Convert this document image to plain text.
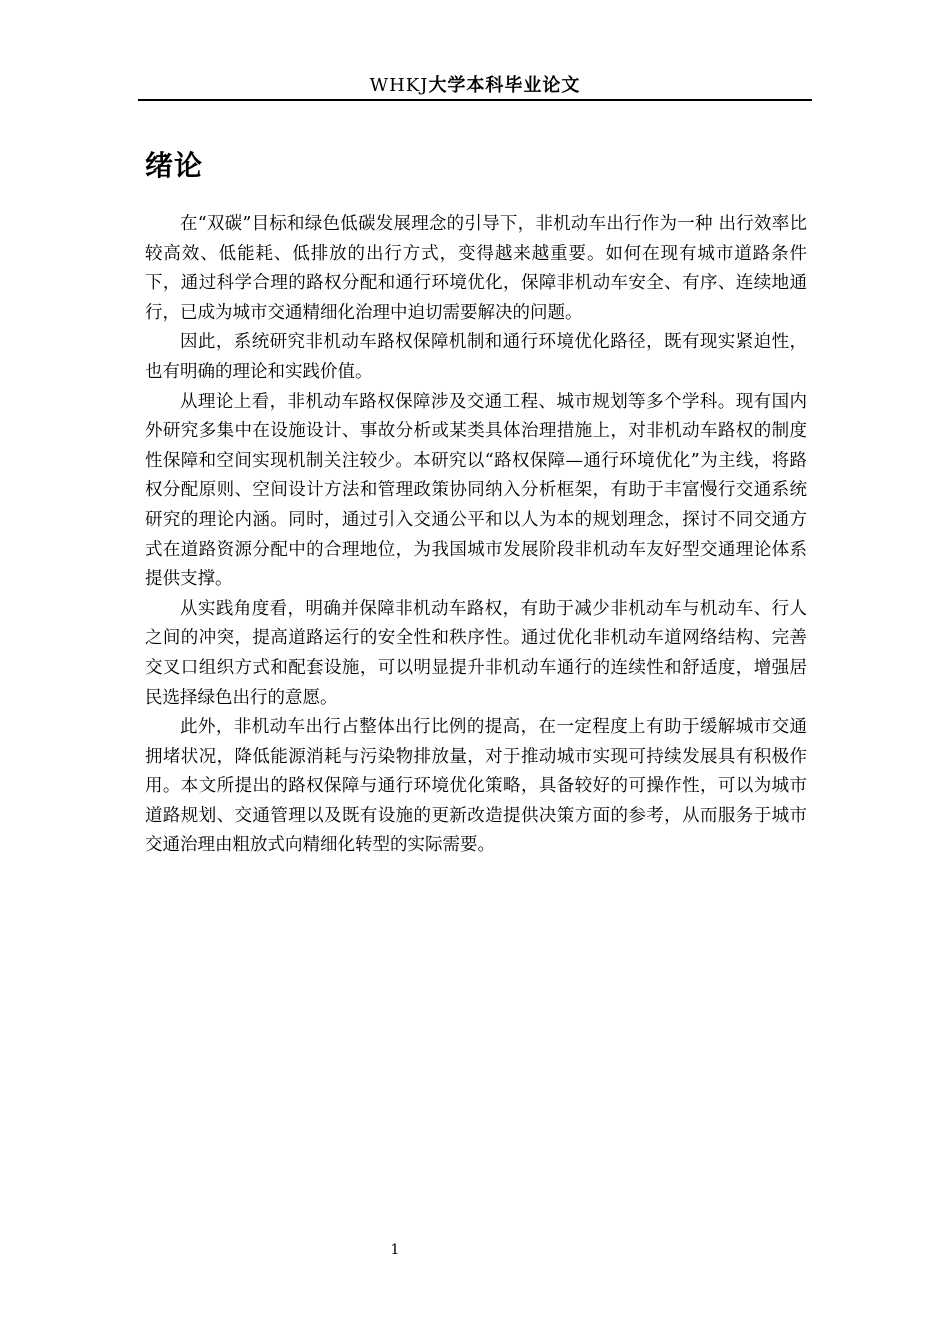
WHKJ大学本科毕业论文
绪论

在“双碳”目标和绿色低碳发展理念的引导下，非机动车出行作为一种 出行效率比较高效、低能耗、低排放的出行方式，变得越来越重要。如何在现有城市道路条件下，通过科学合理的路权分配和通行环境优化，保障非机动车安全、有序、连续地通行，已成为城市交通精细化治理中迫切需要解决的问题。

因此，系统研究非机动车路权保障机制和通行环境优化路径，既有现实紧迫性，也有明确的理论和实践价值。

从理论上看，非机动车路权保障涉及交通工程、城市规划等多个学科。现有国内外研究多集中在设施设计、事故分析或某类具体治理措施上，对非机动车路权的制度性保障和空间实现机制关注较少。本研究以“路权保障—通行环境优化”为主线，将路权分配原则、空间设计方法和管理政策协同纳入分析框架，有助于丰富慢行交通系统研究的理论内涵。同时，通过引入交通公平和以人为本的规划理念，探讨不同交通方式在道路资源分配中的合理地位，为我国城市发展阶段非机动车友好型交通理论体系提供支撑。

从实践角度看，明确并保障非机动车路权，有助于减少非机动车与机动车、行人之间的冲突，提高道路运行的安全性和秩序性。通过优化非机动车道网络结构、完善交叉口组织方式和配套设施，可以明显提升非机动车通行的连续性和舒适度，增强居民选择绿色出行的意愿。

此外，非机动车出行占整体出行比例的提高，在一定程度上有助于缓解城市交通拥堵状况，降低能源消耗与污染物排放量，对于推动城市实现可持续发展具有积极作用。本文所提出的路权保障与通行环境优化策略，具备较好的可操作性，可以为城市道路规划、交通管理以及既有设施的更新改造提供决策方面的参考，从而服务于城市交通治理由粗放式向精细化转型的实际需要。

1
